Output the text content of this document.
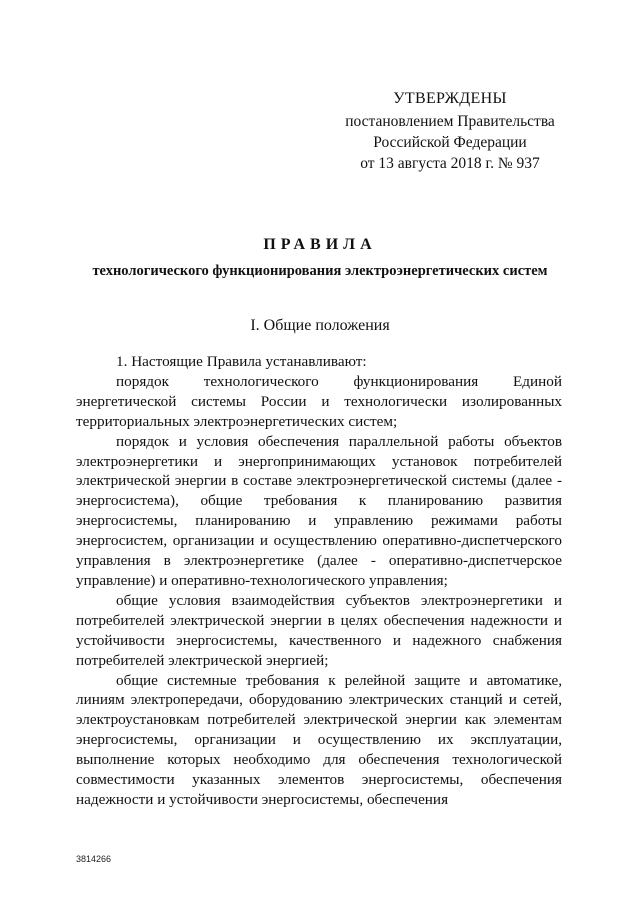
УТВЕРЖДЕНЫ
постановлением Правительства
Российской Федерации
от 13 августа 2018 г. № 937
ПРАВИЛА
технологического функционирования электроэнергетических систем
I. Общие положения

1. Настоящие Правила устанавливают:

порядок технологического функционирования Единой энергетической системы России и технологически изолированных территориальных электроэнергетических систем;

порядок и условия обеспечения параллельной работы объектов электроэнергетики и энергопринимающих установок потребителей электрической энергии в составе электроэнергетической системы (далее - энергосистема), общие требования к планированию развития энергосистемы, планированию и управлению режимами работы энергосистем, организации и осуществлению оперативно-диспетчерского управления в электроэнергетике (далее - оперативно-диспетчерское управление) и оперативно-технологического управления;

общие условия взаимодействия субъектов электроэнергетики и потребителей электрической энергии в целях обеспечения надежности и устойчивости энергосистемы, качественного и надежного снабжения потребителей электрической энергией;

общие системные требования к релейной защите и автоматике, линиям электропередачи, оборудованию электрических станций и сетей, электроустановкам потребителей электрической энергии как элементам энергосистемы, организации и осуществлению их эксплуатации, выполнение которых необходимо для обеспечения технологической совместимости указанных элементов энергосистемы, обеспечения надежности и устойчивости энергосистемы, обеспечения

3814266
